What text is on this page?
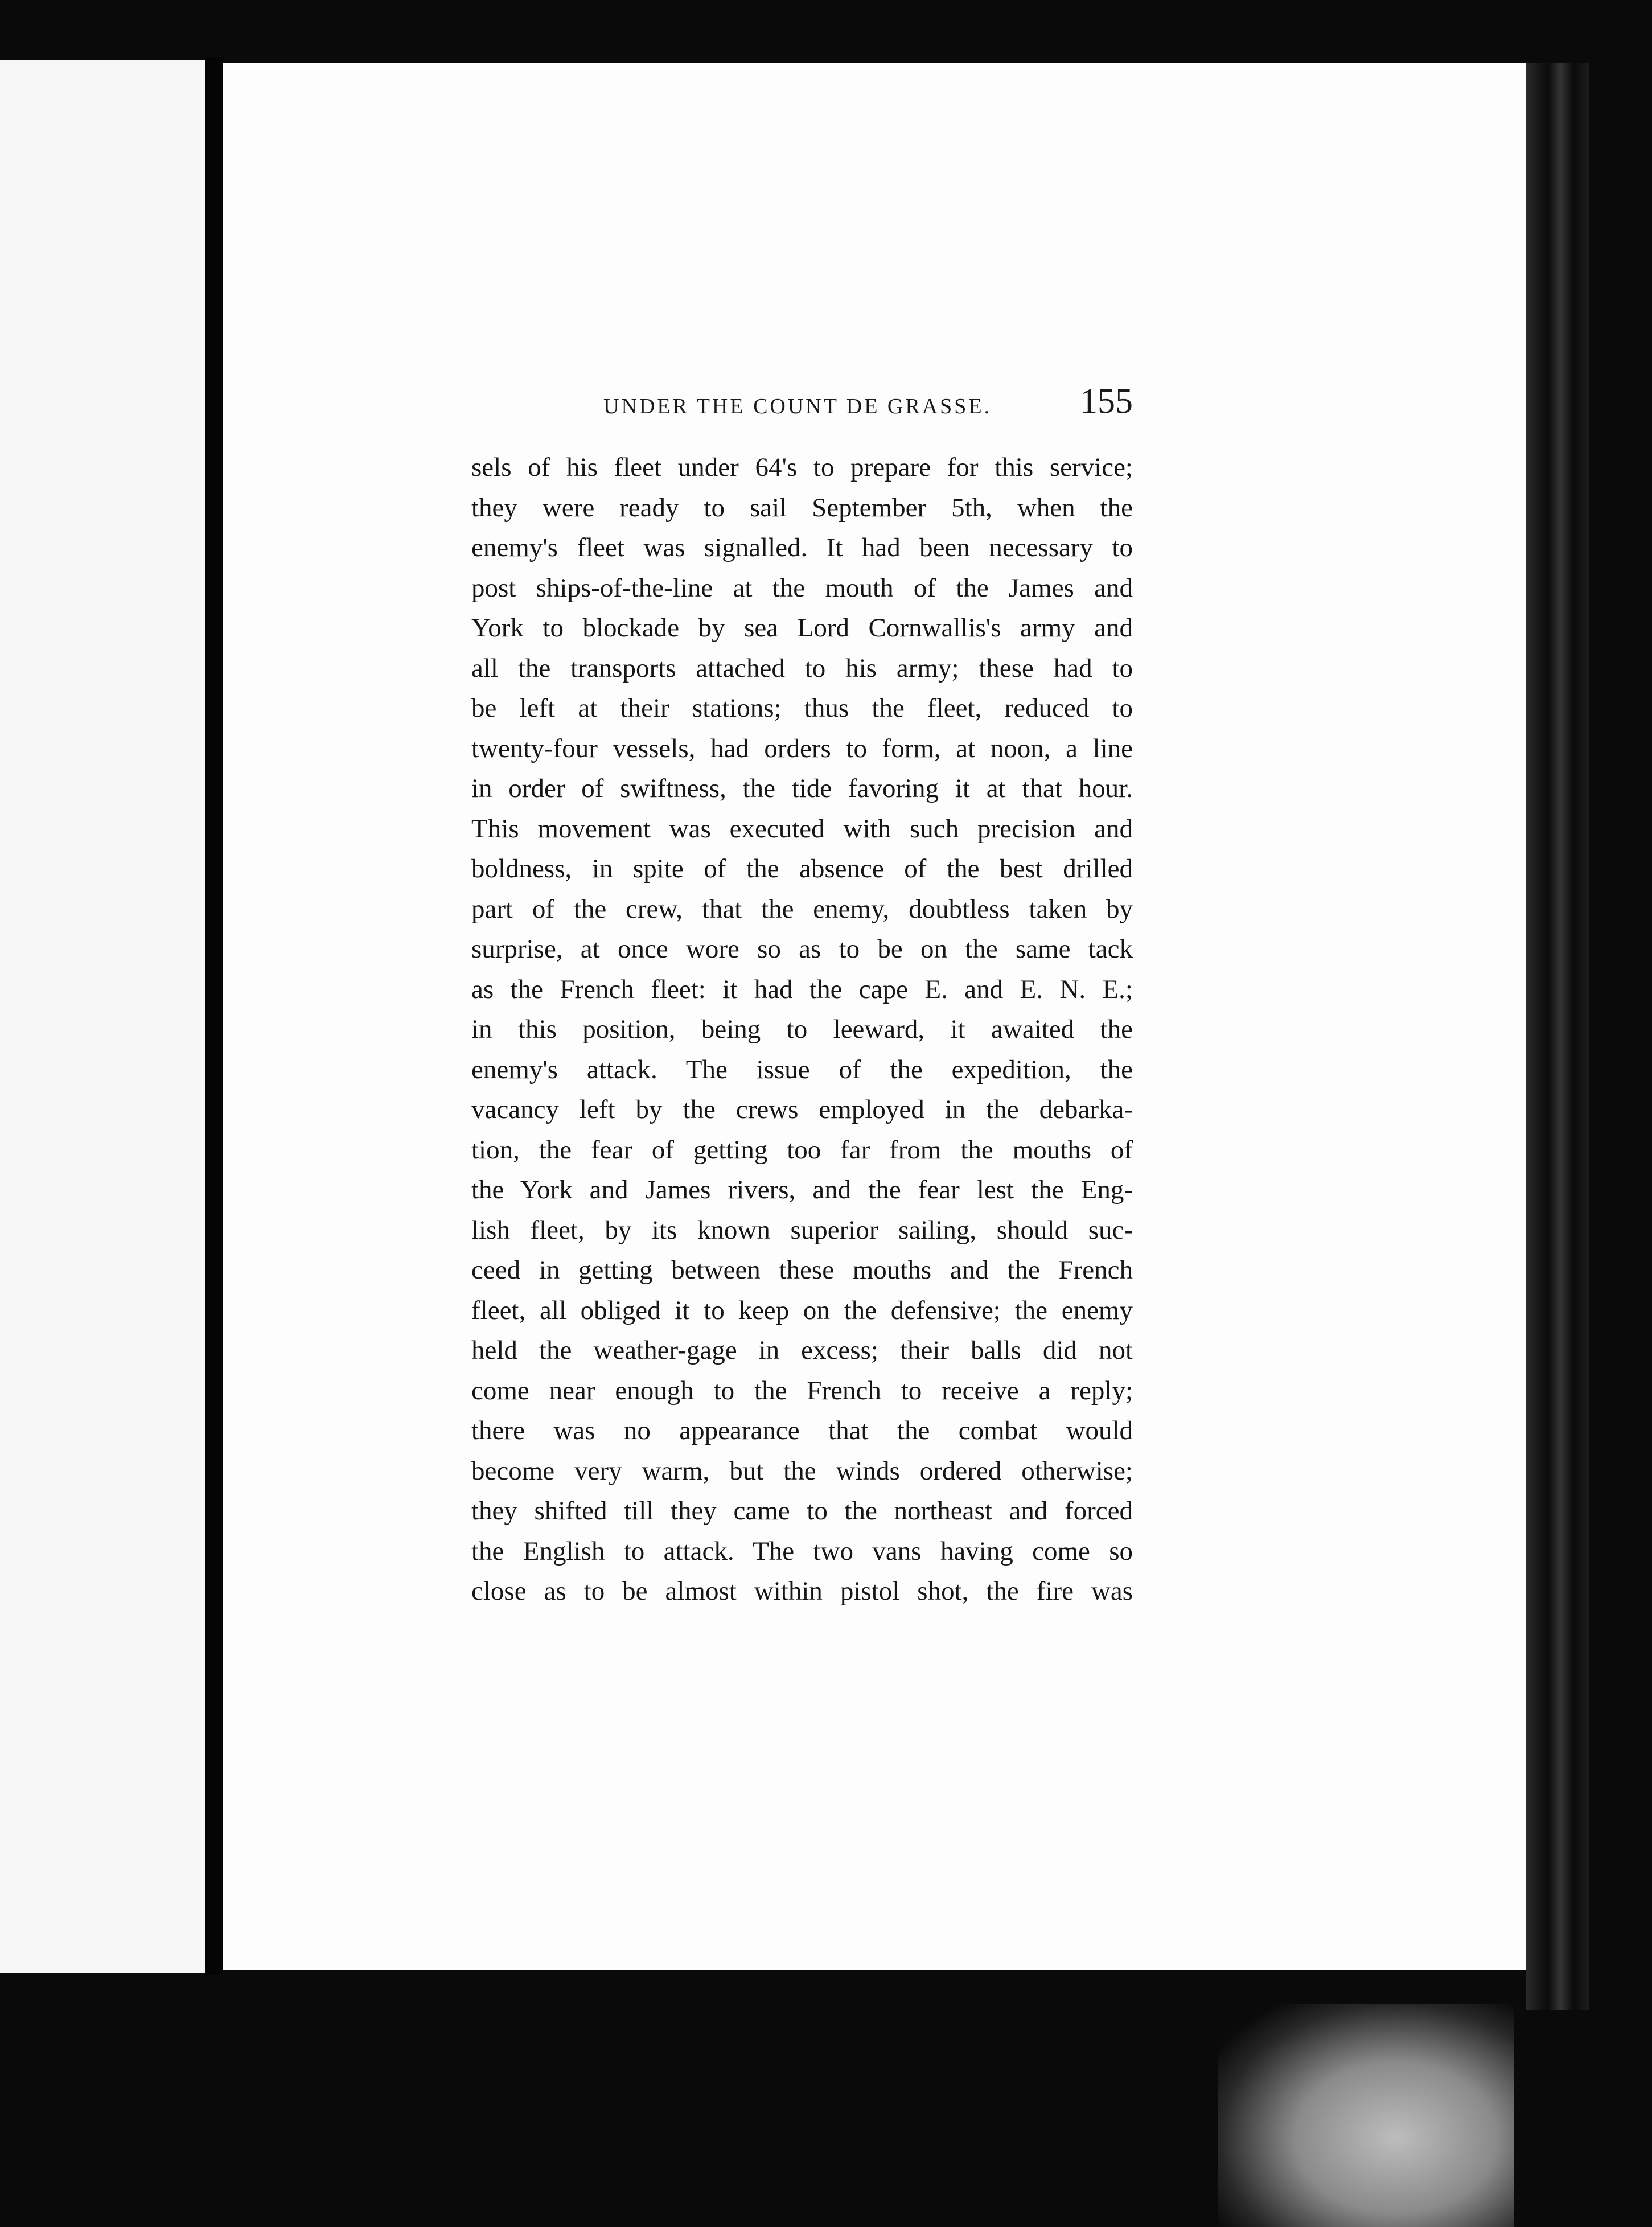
UNDER THE COUNT DE GRASSE. 155
sels of his fleet under 64's to prepare for this service;
they were ready to sail September 5th, when the
enemy's fleet was signalled. It had been necessary to
post ships-of-the-line at the mouth of the James and
York to blockade by sea Lord Cornwallis's army and
all the transports attached to his army; these had to
be left at their stations; thus the fleet, reduced to
twenty-four vessels, had orders to form, at noon, a line
in order of swiftness, the tide favoring it at that hour.
This movement was executed with such precision and
boldness, in spite of the absence of the best drilled
part of the crew, that the enemy, doubtless taken by
surprise, at once wore so as to be on the same tack
as the French fleet: it had the cape E. and E. N. E.;
in this position, being to leeward, it awaited the
enemy's attack. The issue of the expedition, the
vacancy left by the crews employed in the debarka-
tion, the fear of getting too far from the mouths of
the York and James rivers, and the fear lest the Eng-
lish fleet, by its known superior sailing, should suc-
ceed in getting between these mouths and the French
fleet, all obliged it to keep on the defensive; the enemy
held the weather-gage in excess; their balls did not
come near enough to the French to receive a reply;
there was no appearance that the combat would
become very warm, but the winds ordered otherwise;
they shifted till they came to the northeast and forced
the English to attack. The two vans having come so
close as to be almost within pistol shot, the fire was
